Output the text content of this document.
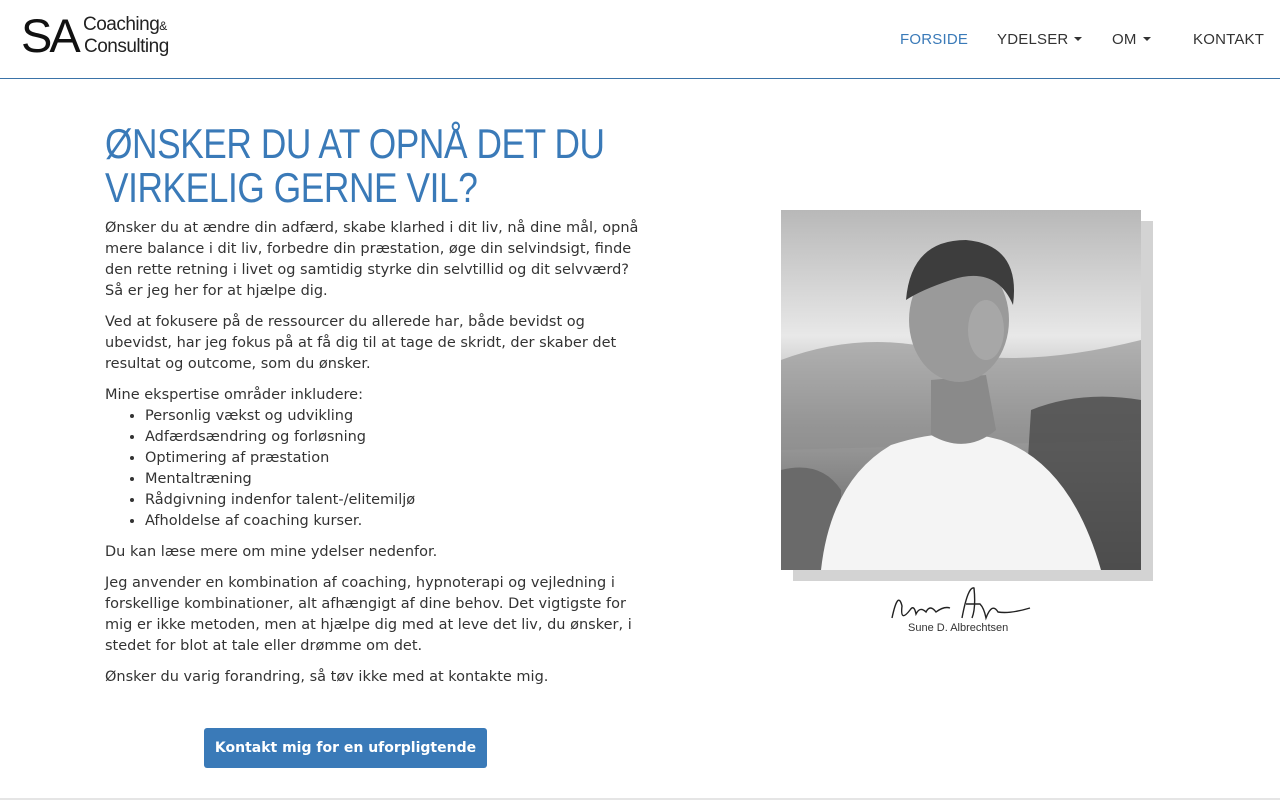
SA Coaching&
Consulting	FORSIDE YDELSER	OM	KONTAKT
ØNSKER DU AT OPNÅ DET DU
VIRKELIG GERNE VIL?

Ønsker du at ændre din adfærd, skabe klarhed i dit liv, nå dine mål, opnå mere balance i dit liv, forbedre din præstation, øge din selvindsigt, finde den rette retning i livet og samtidig styrke din selvtillid og dit selvværd? Så er jeg her for at hjælpe dig.

Ved at fokusere på de ressourcer du allerede har, både bevidst og ubevidst, har jeg fokus på at få dig til at tage de skridt, der skaber det resultat og outcome, som du ønsker.

Mine ekspertise områder inkludere:
• Personlig vækst og udvikling
• Adfærdsændring og forløsning
• Optimering af præstation
• Mentaltræning
• Rådgivning indenfor talent-/elitemiljø
• Afholdelse af coaching kurser.

Du kan læse mere om mine ydelser nedenfor.

Jeg anvender en kombination af coaching, hypnoterapi og vejledning i forskellige kombinationer, alt afhængigt af dine behov. Det vigtigste for mig er ikke metoden, men at hjælpe dig med at leve det liv, du ønsker, i stedet for blot at tale eller drømme om det.

Ønsker du varig forandring, så tøv ikke med at kontakte mig.

Kontakt mig for en uforpligtende snak
Sune D. Albrechtsen
